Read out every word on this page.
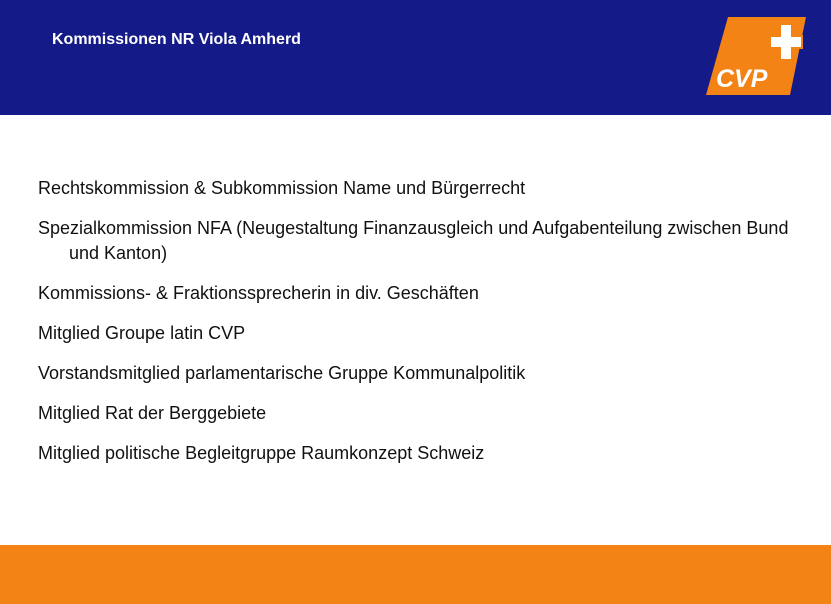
Kommissionen NR Viola Amherd
CVP
Rechtskommission & Subkommission Name und Bürgerrecht
Spezialkommission NFA (Neugestaltung Finanzausgleich und Aufgabenteilung zwischen Bund und Kanton)
Kommissions- & Fraktionssprecherin in div. Geschäften
Mitglied Groupe latin CVP
Vorstandsmitglied parlamentarische Gruppe Kommunalpolitik
Mitglied Rat der Berggebiete
Mitglied politische Begleitgruppe Raumkonzept Schweiz
